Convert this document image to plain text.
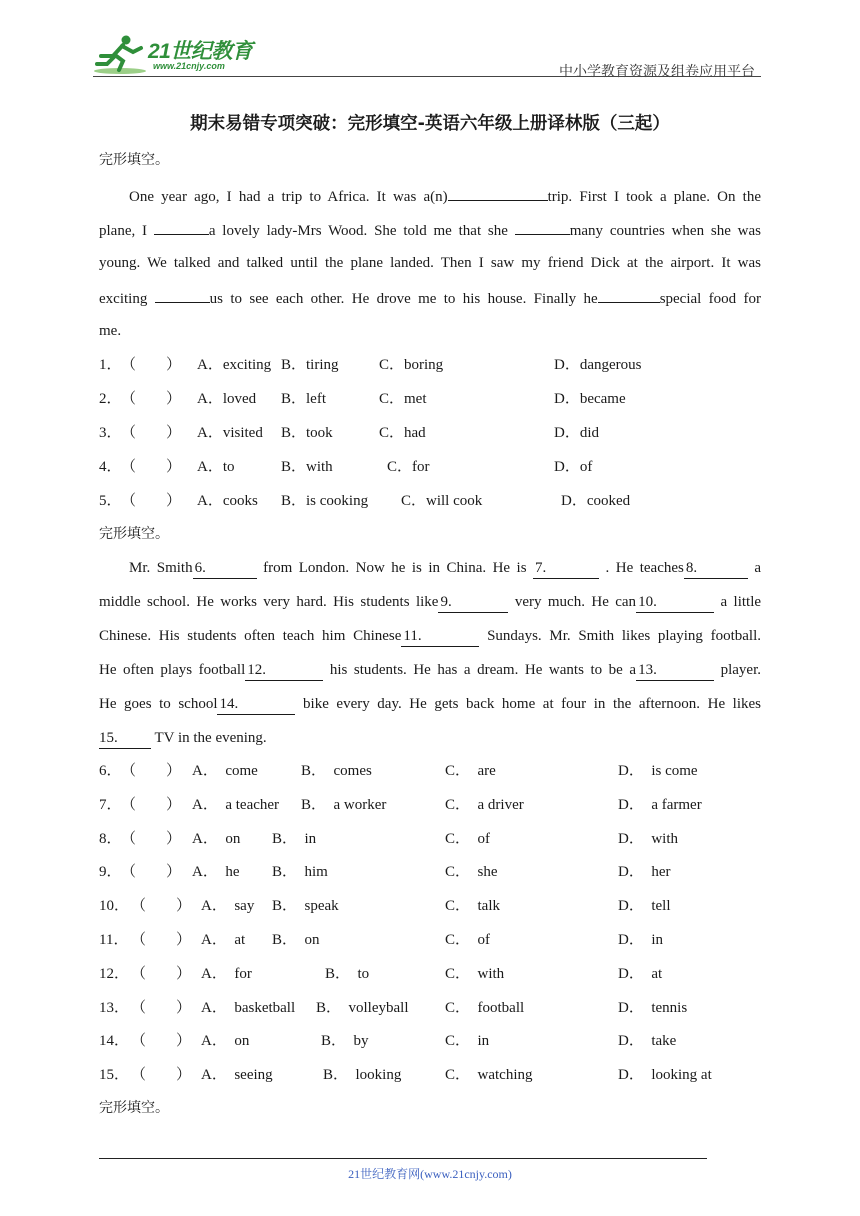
21世纪教育
www.21cnjy.com	中小学教育资源及组卷应用平台
期末易错专项突破：完形填空-英语六年级上册译林版（三起）
完形填空。
One year ago, I had a trip to Africa. It was a(n)	trip. First I took a plane. On the
plane, I	a lovely lady-Mrs Wood. She told me that she	many countries when she was
young. We talked and talked until the plane landed. Then I saw my friend Dick at the airport. It was
exciting	us to see each other. He drove me to his house. Finally he	special food for
me.
1． （　　） A．exciting B．tiring	C．boring	D．dangerous
2． （　　） A．loved B．left	C．met	D．became
3． （　　） A．visited B．took	C．had	D．did
4． （　　） A．to	B．with	C．for	D．of
5． （　　） A．cooks B．is cooking C．will cook	D．cooked
完形填空。
Mr. Smith 6.	from London. Now he is in China. He is 7.	. He teaches 8.	a
middle school. He works very hard. His students like 9.	very much. He can 10.	a little
Chinese. His students often teach him Chinese 11.	Sundays. Mr. Smith likes playing football.
He often plays football 12.	his students. He has a dream. He wants to be a 13.	player.
He goes to school 14.	bike every day. He gets back home at four in the afternoon. He likes
15. TV in the evening.
6． （　　） A．　come	B．　comes	C．　are	D．　is come
7． （　　） A．　a teacher B．　a worker	C．　a driver	D．　a farmer
8． （　　） A．　on B．　in	C．　of	D．　with
9． （　　） A．　he B．　him	C．　she	D．　her
10． （　　） A．　say B．　speak	C．　talk	D．　tell
11． （　　） A．　at B．　on	C．　of	D．　in
12． （　　） A．　for	B．　to	C．　with	D．　at
13． （　　） A．　basketball B．　volleyball C．　football	D．　tennis
14． （　　） A．　on	B．　by	C．　in	D．　take
15． （　　） A．　seeing	B．　looking	C．　watching	D．　looking at
完形填空。
21世纪教育网(www.21cnjy.com)
